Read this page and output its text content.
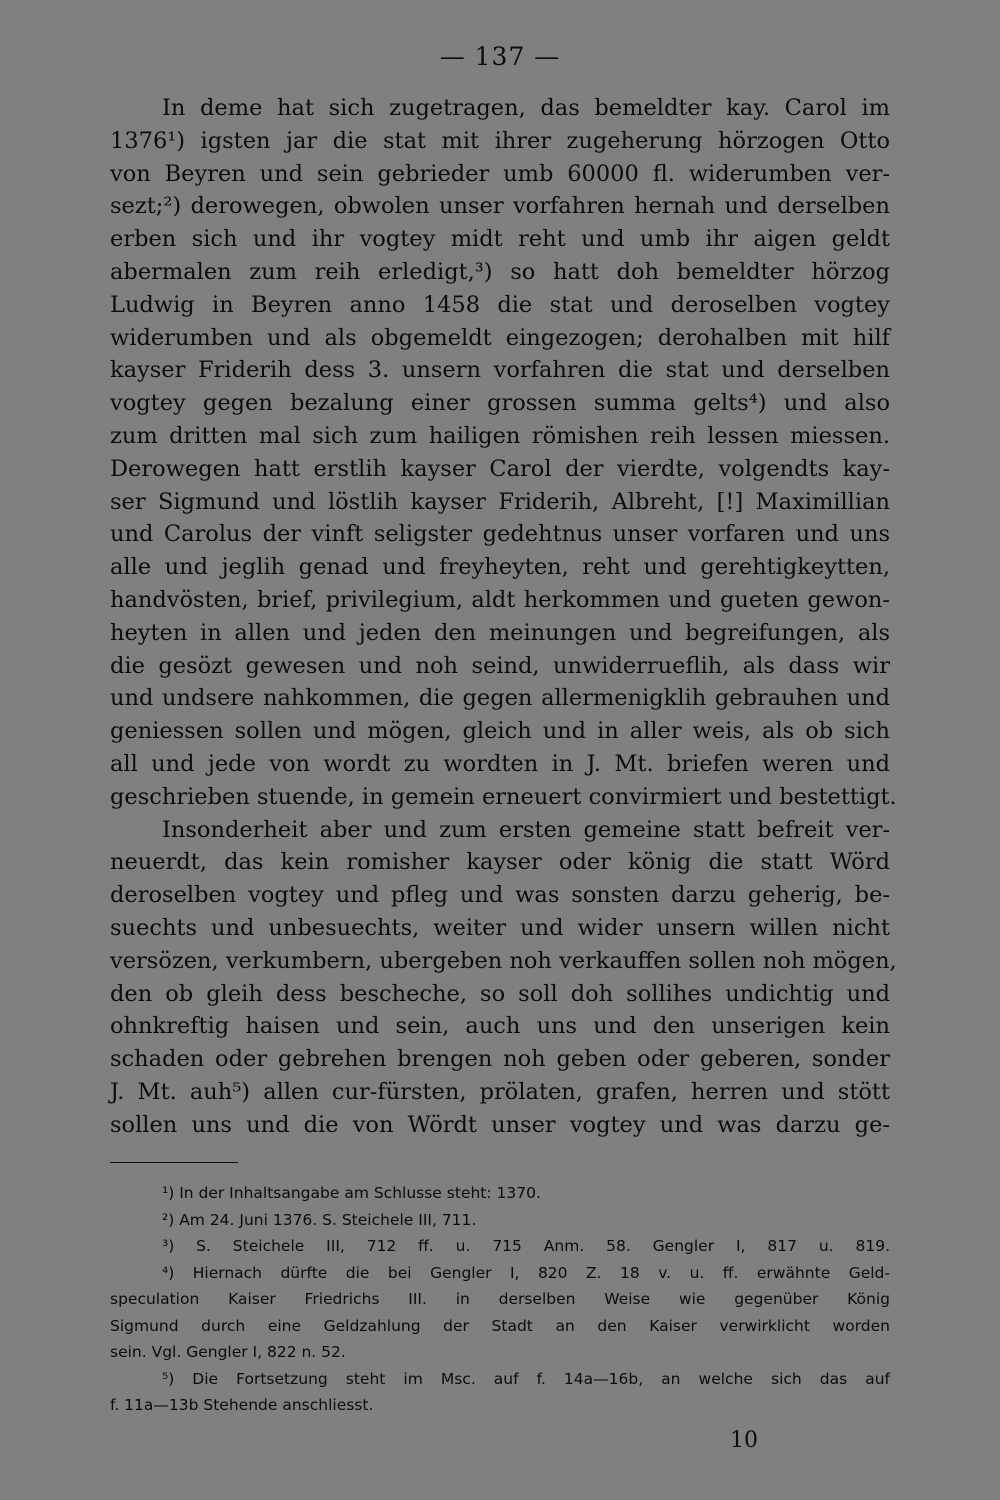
— 137 —
In deme hat sich zugetragen, das bemeldter kay. Carol im
1376¹) igsten jar die stat mit ihrer zugeherung hörzogen Otto
von Beyren und sein gebrieder umb 60000 fl. widerumben ver-
sezt;²) derowegen, obwolen unser vorfahren hernah und derselben
erben sich und ihr vogtey midt reht und umb ihr aigen geldt
abermalen zum reih erledigt,³) so hatt doh bemeldter hörzog
Ludwig in Beyren anno 1458 die stat und deroselben vogtey
widerumben und als obgemeldt eingezogen; derohalben mit hilf
kayser Friderih dess 3. unsern vorfahren die stat und derselben
vogtey gegen bezalung einer grossen summa gelts⁴) und also
zum dritten mal sich zum hailigen römishen reih lessen miessen.
Derowegen hatt erstlih kayser Carol der vierdte, volgendts kay-
ser Sigmund und löstlih kayser Friderih, Albreht, [!] Maximillian
und Carolus der vinft seligster gedehtnus unser vorfaren und uns
alle und jeglih genad und freyheyten, reht und gerehtigkeytten,
handvösten, brief, privilegium, aldt herkommen und gueten gewon-
heyten in allen und jeden den meinungen und begreifungen, als
die gesözt gewesen und noh seind, unwiderrueflih, als dass wir
und undsere nahkommen, die gegen allermenigklih gebrauhen und
geniessen sollen und mögen, gleich und in aller weis, als ob sich
all und jede von wordt zu wordten in J. Mt. briefen weren und
geschrieben stuende, in gemein erneuert convirmiert und bestettigt.
Insonderheit aber und zum ersten gemeine statt befreit ver-
neuerdt, das kein romisher kayser oder könig die statt Wörd
deroselben vogtey und pfleg und was sonsten darzu geherig, be-
suechts und unbesuechts, weiter und wider unsern willen nicht
versözen, verkumbern, ubergeben noh verkauffen sollen noh mögen,
den ob gleih dess bescheche, so soll doh sollihes undichtig und
ohnkreftig haisen und sein, auch uns und den unserigen kein
schaden oder gebrehen brengen noh geben oder geberen, sonder
J. Mt. auh⁵) allen cur-fürsten, prölaten, grafen, herren und stött
sollen uns und die von Wördt unser vogtey und was darzu ge-
¹) In der Inhaltsangabe am Schlusse steht: 1370.
²) Am 24. Juni 1376. S. Steichele III, 711.
³) S. Steichele III, 712 ff. u. 715 Anm. 58. Gengler I, 817 u. 819.
⁴) Hiernach dürfte die bei Gengler I, 820 Z. 18 v. u. ff. erwähnte Geld-
speculation Kaiser Friedrichs III. in derselben Weise wie gegenüber König
Sigmund durch eine Geldzahlung der Stadt an den Kaiser verwirklicht worden
sein. Vgl. Gengler I, 822 n. 52.
⁵) Die Fortsetzung steht im Msc. auf f. 14a—16b, an welche sich das auf
f. 11a—13b Stehende anschliesst.
10
